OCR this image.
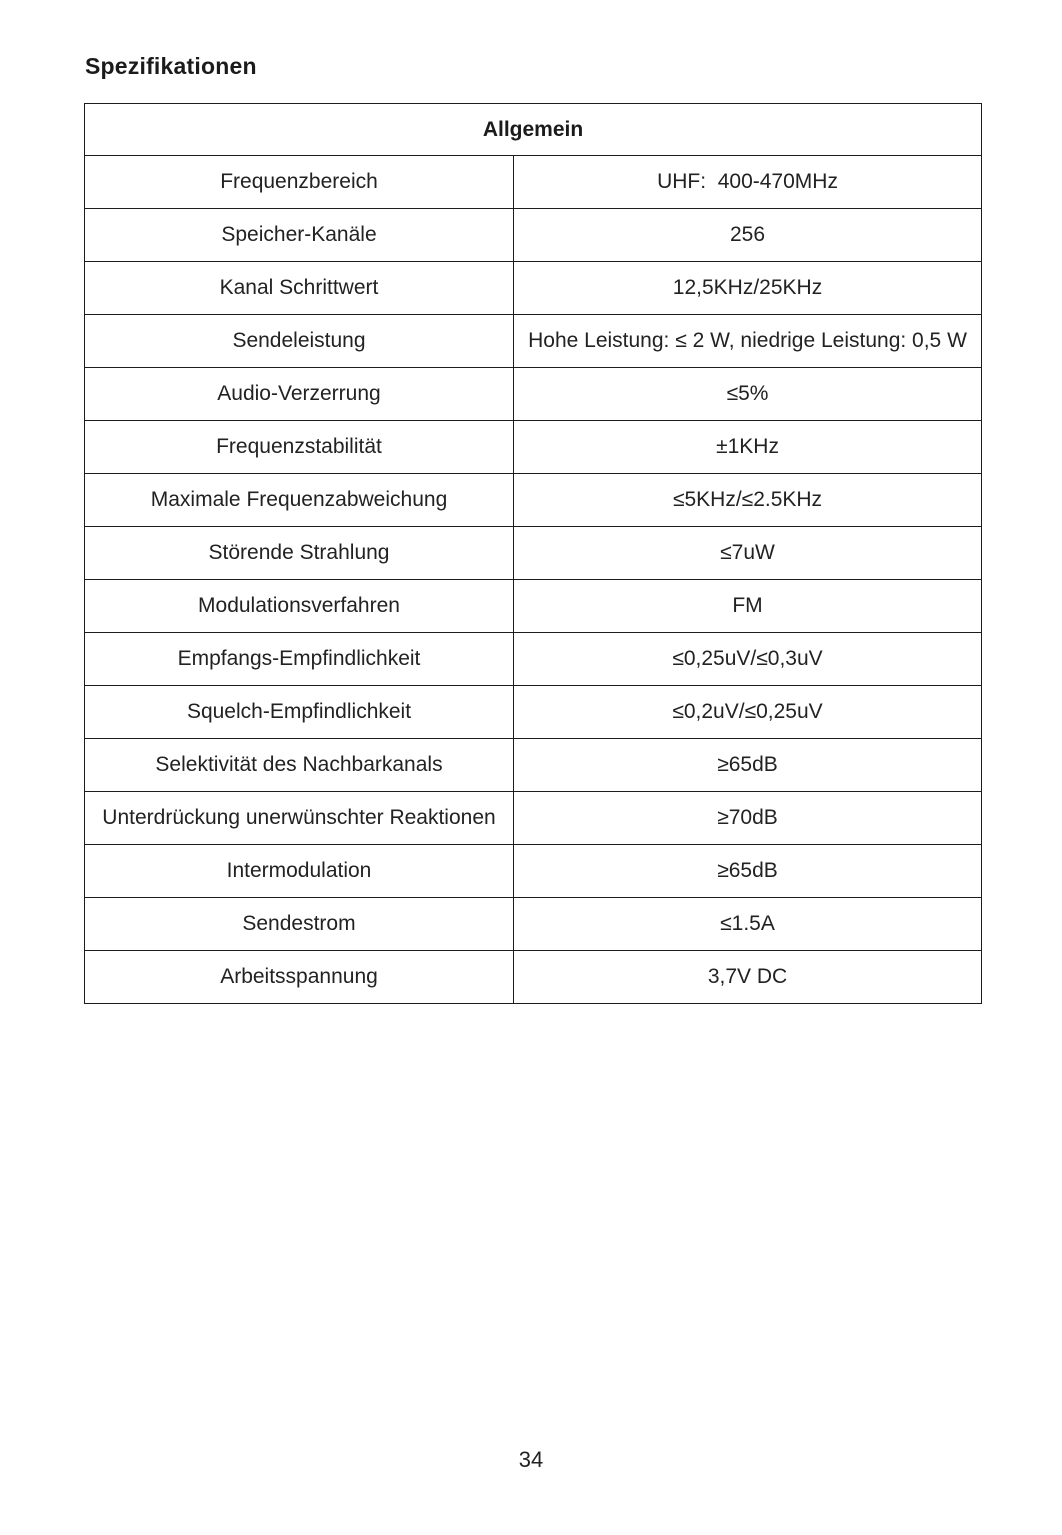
Spezifikationen
Allgemein	
Frequenzbereich	UHF:  400-470MHz
Speicher-Kanäle	256
Kanal Schrittwert	12,5KHz/25KHz
Sendeleistung	Hohe Leistung: ≤ 2 W, niedrige Leistung: 0,5 W
Audio-Verzerrung	≤5%
Frequenzstabilität	±1KHz
Maximale Frequenzabweichung	≤5KHz/≤2.5KHz
Störende Strahlung	≤7uW
Modulationsverfahren	FM
Empfangs-Empfindlichkeit	≤0,25uV/≤0,3uV
Squelch-Empfindlichkeit	≤0,2uV/≤0,25uV
Selektivität des Nachbarkanals	≥65dB
Unterdrückung unerwünschter Reaktionen	≥70dB
Intermodulation	≥65dB
Sendestrom	≤1.5A
Arbeitsspannung	3,7V DC
34
